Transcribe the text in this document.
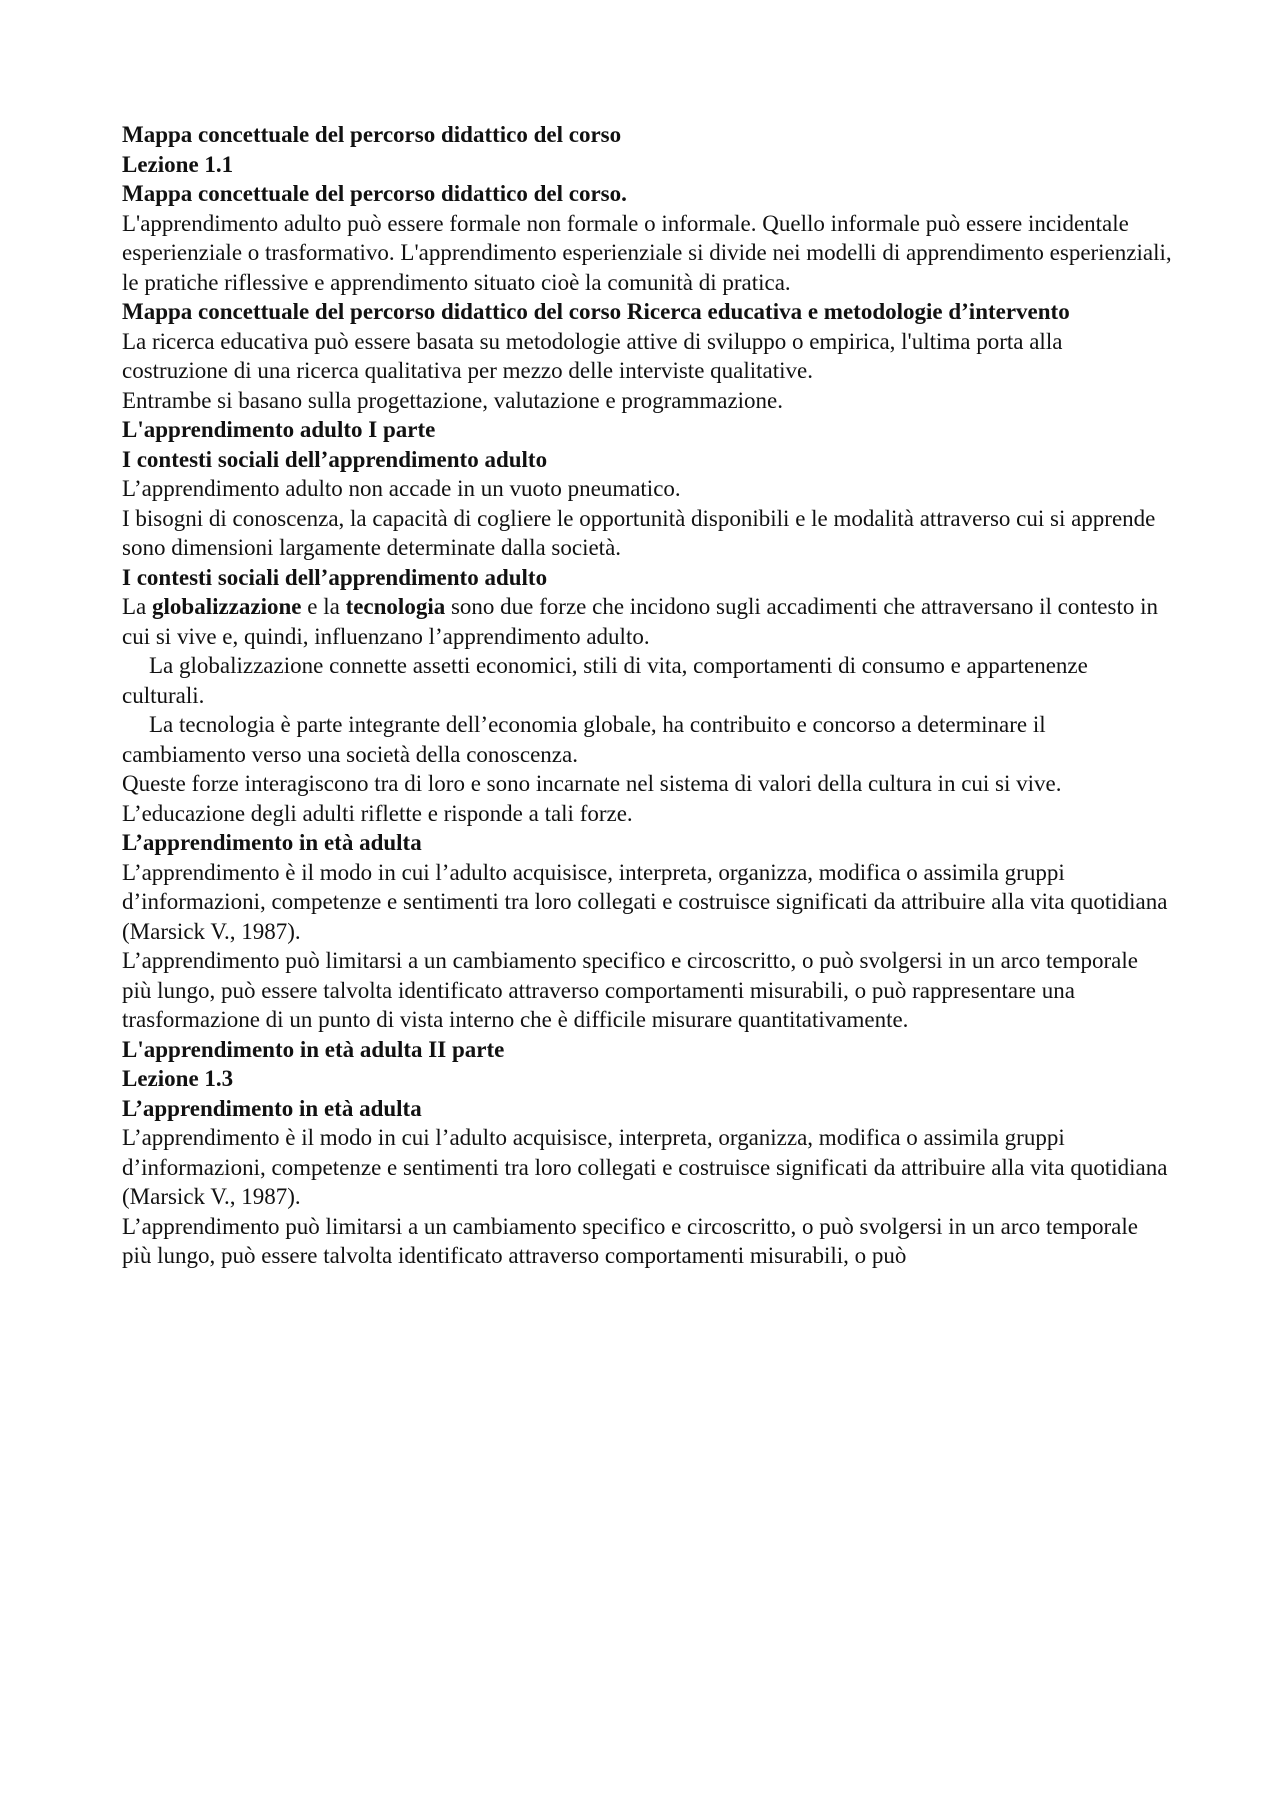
Mappa concettuale del percorso didattico del corso

Lezione 1.1

Mappa concettuale del percorso didattico del corso.

L'apprendimento adulto può essere formale non formale o informale. Quello informale può essere incidentale esperienziale o trasformativo. L'apprendimento esperienziale si divide nei modelli di apprendimento esperienziali, le pratiche riflessive e apprendimento situato cioè la comunità di pratica.

Mappa concettuale del percorso didattico del corso Ricerca educativa e metodologie d’intervento

La ricerca educativa può essere basata su metodologie attive di sviluppo o empirica, l'ultima porta alla costruzione di una ricerca qualitativa per mezzo delle interviste qualitative.

Entrambe si basano sulla progettazione, valutazione e programmazione.

L'apprendimento adulto I parte

I contesti sociali dell’apprendimento adulto

L’apprendimento adulto non accade in un vuoto pneumatico.

I bisogni di conoscenza, la capacità di cogliere le opportunità disponibili e le modalità attraverso cui si apprende sono dimensioni largamente determinate dalla società.

I contesti sociali dell’apprendimento adulto

La globalizzazione e la tecnologia sono due forze che incidono sugli accadimenti che attraversano il contesto in cui si vive e, quindi, influenzano l’apprendimento adulto.

La globalizzazione connette assetti economici, stili di vita, comportamenti di consumo e appartenenze culturali.

La tecnologia è parte integrante dell’economia globale, ha contribuito e concorso a determinare il cambiamento verso una società della conoscenza.

Queste forze interagiscono tra di loro e sono incarnate nel sistema di valori della cultura in cui si vive. L’educazione degli adulti riflette e risponde a tali forze.

L’apprendimento in età adulta

L’apprendimento è il modo in cui l’adulto acquisisce, interpreta, organizza, modifica o assimila gruppi d’informazioni, competenze e sentimenti tra loro collegati e costruisce significati da attribuire alla vita quotidiana (Marsick V., 1987).

L’apprendimento può limitarsi a un cambiamento specifico e circoscritto, o può svolgersi in un arco temporale più lungo, può essere talvolta identificato attraverso comportamenti misurabili, o può rappresentare una trasformazione di un punto di vista interno che è difficile misurare quantitativamente.

L'apprendimento in età adulta II parte

Lezione 1.3

L’apprendimento in età adulta

L’apprendimento è il modo in cui l’adulto acquisisce, interpreta, organizza, modifica o assimila gruppi d’informazioni, competenze e sentimenti tra loro collegati e costruisce significati da attribuire alla vita quotidiana (Marsick V., 1987).

L’apprendimento può limitarsi a un cambiamento specifico e circoscritto, o può svolgersi in un arco temporale più lungo, può essere talvolta identificato attraverso comportamenti misurabili, o può
